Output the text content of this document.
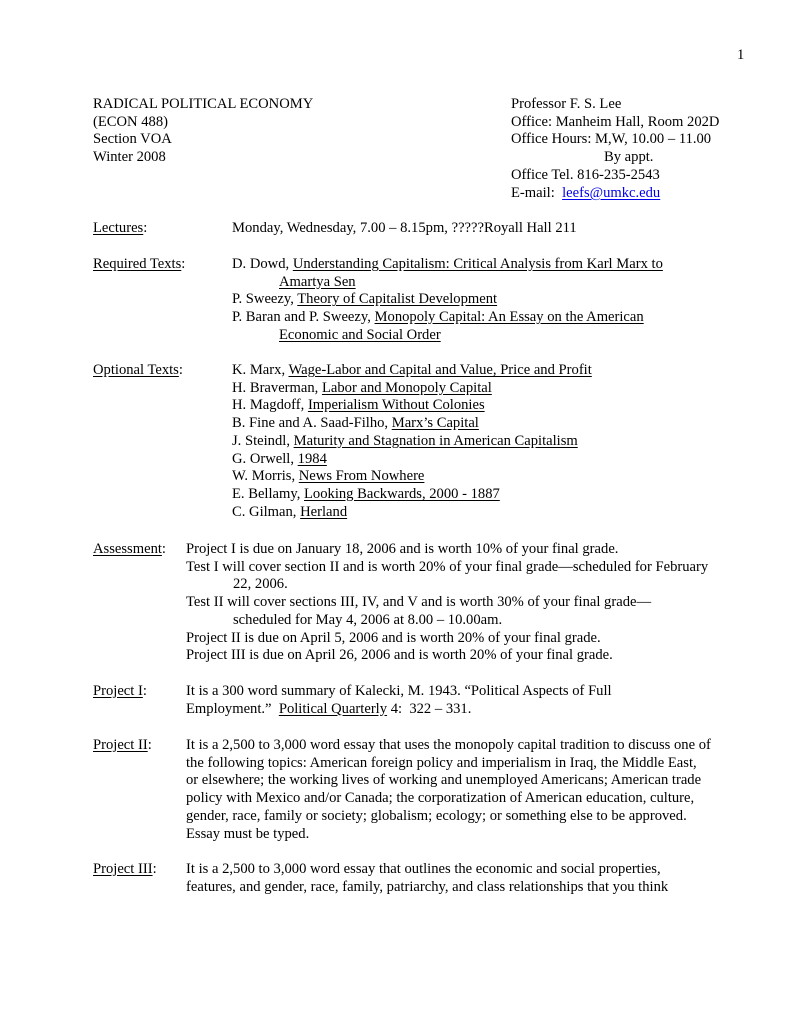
1
RADICAL POLITICAL ECONOMY
(ECON 488)
Section VOA
Winter 2008
Professor F. S. Lee
Office: Manheim Hall, Room 202D
Office Hours: M,W, 10.00 – 11.00
By appt.
Office Tel. 816-235-2543
E-mail:  leefs@umkc.edu
Lectures:	Monday, Wednesday, 7.00 – 8.15pm, ?????Royall Hall 211
Required Texts:	D. Dowd, Understanding Capitalism: Critical Analysis from Karl Marx to
Amartya Sen
P. Sweezy, Theory of Capitalist Development
P. Baran and P. Sweezy, Monopoly Capital: An Essay on the American
Economic and Social Order
Optional Texts:	K. Marx, Wage-Labor and Capital and Value, Price and Profit
H. Braverman, Labor and Monopoly Capital
H. Magdoff, Imperialism Without Colonies
B. Fine and A. Saad-Filho, Marx’s Capital
J. Steindl, Maturity and Stagnation in American Capitalism
G. Orwell, 1984
W. Morris, News From Nowhere
E. Bellamy, Looking Backwards, 2000 - 1887
C. Gilman, Herland
Assessment: Project I is due on January 18, 2006 and is worth 10% of your final grade.
Test I will cover section II and is worth 20% of your final grade—scheduled for February
22, 2006.
Test II will cover sections III, IV, and V and is worth 30% of your final grade—
scheduled for May 4, 2006 at 8.00 – 10.00am.
Project II is due on April 5, 2006 and is worth 20% of your final grade.
Project III is due on April 26, 2006 and is worth 20% of your final grade.
Project I:	It is a 300 word summary of Kalecki, M. 1943. “Political Aspects of Full
Employment.”  Political Quarterly 4:  322 – 331.
Project II: It is a 2,500 to 3,000 word essay that uses the monopoly capital tradition to discuss one of
the following topics: American foreign policy and imperialism in Iraq, the Middle East,
or elsewhere; the working lives of working and unemployed Americans; American trade
policy with Mexico and/or Canada; the corporatization of American education, culture,
gender, race, family or society; globalism; ecology; or something else to be approved.
Essay must be typed.
Project III: It is a 2,500 to 3,000 word essay that outlines the economic and social properties,
features, and gender, race, family, patriarchy, and class relationships that you think
